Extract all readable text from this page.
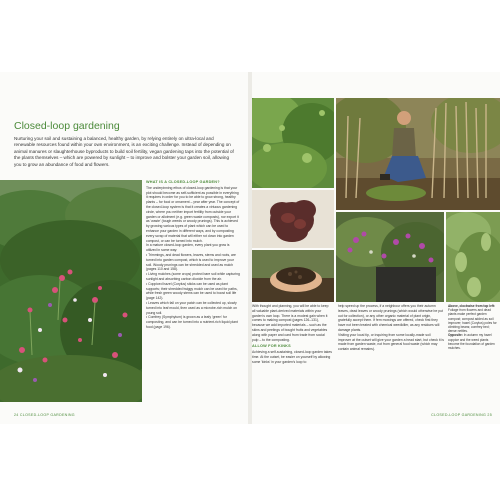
Closed-loop gardening

Nurturing your soil and sustaining a balanced, healthy garden, by relying entirely on ultra-local and renewable resources found within your own environment, is an exciting challenge. Instead of depending on animal manures or slaughterhouse byproducts to build soil fertility, vegan gardening taps into the potential of the plants themselves – which are powered by sunlight – to improve and bolster your garden soil, allowing you to grow an abundance of food and flowers.

WHAT IS A CLOSED-LOOP GARDEN?

The underpinning ethos of closed-loop gardening is that your plot should become as self-sufficient as possible in everything it requires in order for you to be able to grow strong, healthy plants – for food or ornament – year after year. The concept of the closed-loop system is that it creates a virtuous gardening circle, where you neither import fertility from outside your garden or allotment (e.g. green waste composts), nor export it as 'waste' (tough weeds or woody prunings). This is achieved by growing various types of plant which can be used to enhance your garden in different ways, and by composting every scrap of material that will either rot down into garden compost, or can be turned into mulch.

In a mature closed-loop garden, every plant you grow is utilized in some way:

• Trimmings, and dead flowers, leaves, stems and roots, are turned into garden compost, which is used to improve your soil. Woody prunings can be shredded and used as mulch (pages 110 and 158).

• Living mulches (some crops) protect bare soil while capturing sunlight and absorbing carbon dioxide from the air.

• Coppiced hazel (Corylus) sticks can be used as plant supports; their shredded twiggy mulch can be used for paths, while fresh green woody stems can be used to boost soil life (page 142).

• Leaves which fall on your patch can be collected up, slowly turned into leaf mould, then used as a microbe-rich mulch on young soil.

• Comfrey (Symphytum) is grown as a leafy 'green' for composting, and can be turned into a nutrient-rich liquid plant food (page 196).

24 CLOSED-LOOP GARDENING

With thought and planning, you will be able to keep all valuable plant-derived materials within your garden's own loop. There is a modest gain when it comes to making compost (pages 126–131), because we add imported materials – such as the skins and peelings of bought fruits and vegetables along with paper and card from trade from social pulp – to the composting.

ALLOW FOR KINKS

Achieving a self-sustaining, closed-loop garden takes time. At the outset, be easier on yourself by allowing some 'kinks' in your garden's loop to

help speed up the process, if a neighbour offers you their autumn leaves, dead leaves or woody prunings (which would otherwise be put out for collection), or any other organic material of plant origin, gratefully accept them. If fern mowings are offered, check first they have not been treated with chemical weedkiller, as any residues will damage plants.

Visiting your local tip, or inquiring from some locally-made soil improver at the outset will give your garden a head start, but check it is made from garden waste, not from general food waste (which may contain animal remains).

Above, clockwise from top left: Foliage from flowers and dead plants make perfect garden compost; compost added as soil improver; hazel (Corylus) poles for climbing beans; comfrey bed; dense nettles.
Opposite: In autumn my hazel coppice and the weed plants become the foundation of garden mulches.
CLOSED-LOOP GARDENING 25
